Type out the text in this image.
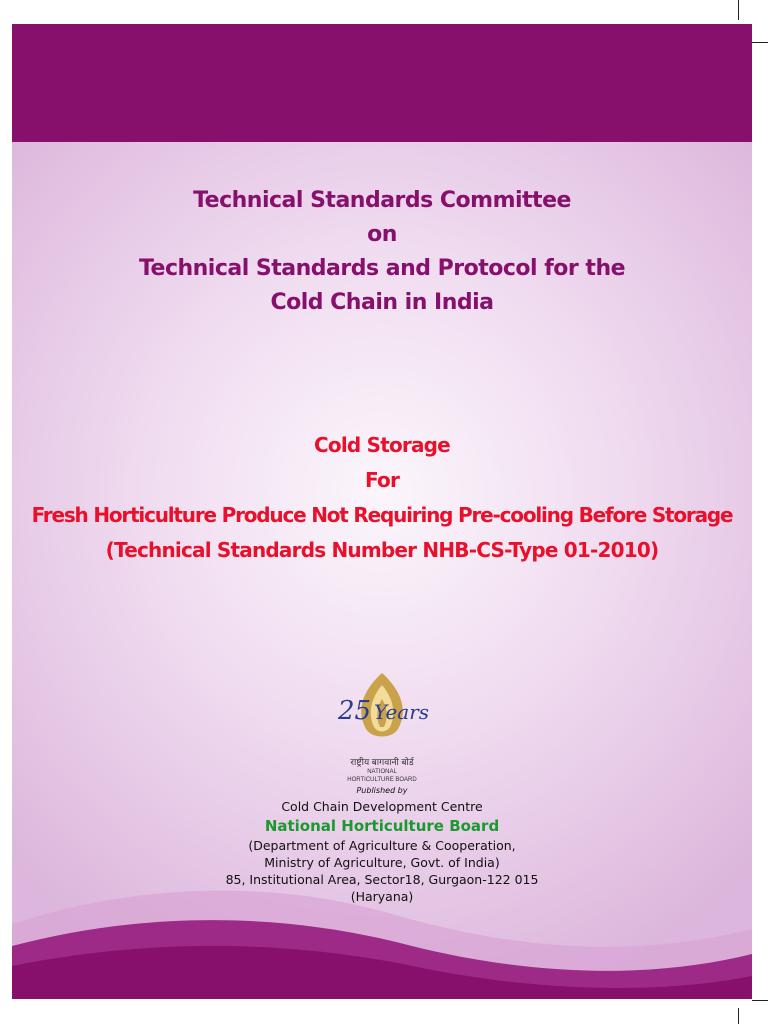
Technical Standards Committee
on
Technical Standards and Protocol for the
Cold Chain in India
Cold Storage
For
Fresh Horticulture Produce Not Requiring Pre-cooling Before Storage
(Technical Standards Number NHB-CS-Type 01-2010)
25 Years
राष्ट्रीय बागवानी बोर्ड
NATIONAL
HORTICULTURE BOARD
Published by
Cold Chain Development Centre
National Horticulture Board
(Department of Agriculture & Cooperation,
Ministry of Agriculture, Govt. of India)
85, Institutional Area, Sector18, Gurgaon-122 015
(Haryana)
